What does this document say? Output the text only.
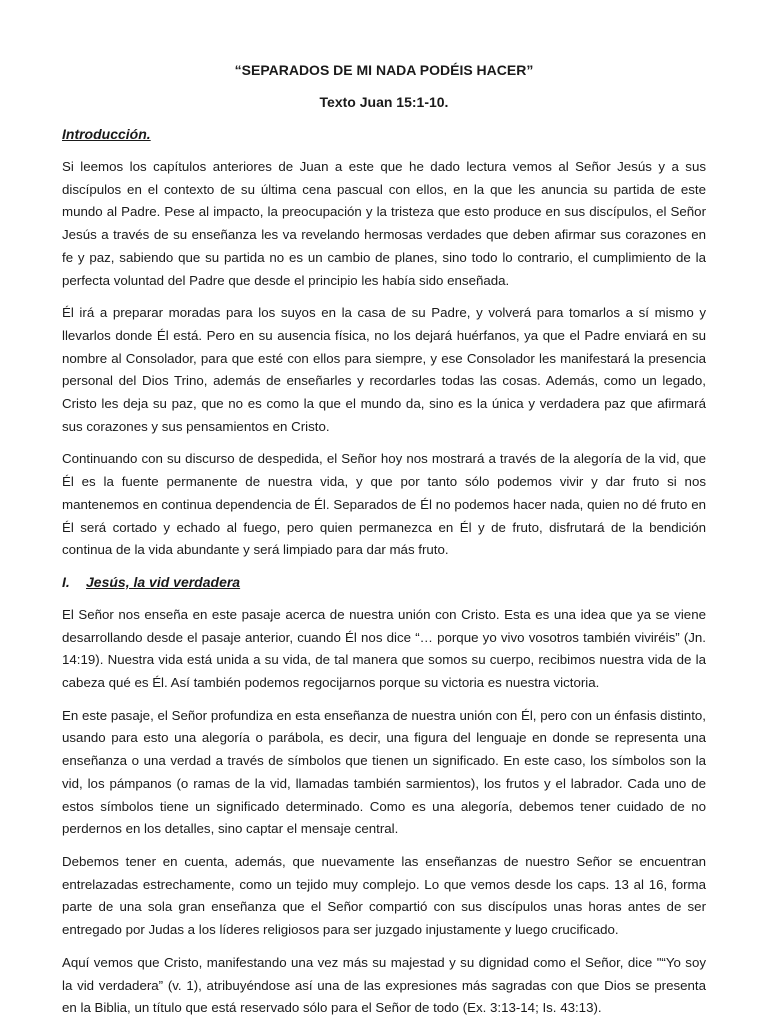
“SEPARADOS DE MI NADA PODÉIS HACER”
Texto Juan 15:1-10.
Introducción.

Si leemos los capítulos anteriores de Juan a este que he dado lectura vemos al Señor Jesús y a sus discípulos en el contexto de su última cena pascual con ellos, en la que les anuncia su partida de este mundo al Padre. Pese al impacto, la preocupación y la tristeza que esto produce en sus discípulos, el Señor Jesús a través de su enseñanza les va revelando hermosas verdades que deben afirmar sus corazones en fe y paz, sabiendo que su partida no es un cambio de planes, sino todo lo contrario, el cumplimiento de la perfecta voluntad del Padre que desde el principio les había sido enseñada.

Él irá a preparar moradas para los suyos en la casa de su Padre, y volverá para tomarlos a sí mismo y llevarlos donde Él está. Pero en su ausencia física, no los dejará huérfanos, ya que el Padre enviará en su nombre al Consolador, para que esté con ellos para siempre, y ese Consolador les manifestará la presencia personal del Dios Trino, además de enseñarles y recordarles todas las cosas. Además, como un legado, Cristo les deja su paz, que no es como la que el mundo da, sino es la única y verdadera paz que afirmará sus corazones y sus pensamientos en Cristo.

Continuando con su discurso de despedida, el Señor hoy nos mostrará a través de la alegoría de la vid, que Él es la fuente permanente de nuestra vida, y que por tanto sólo podemos vivir y dar fruto si nos mantenemos en continua dependencia de Él. Separados de Él no podemos hacer nada, quien no dé fruto en Él será cortado y echado al fuego, pero quien permanezca en Él y de fruto, disfrutará de la bendición continua de la vida abundante y será limpiado para dar más fruto.

I. Jesús, la vid verdadera

El Señor nos enseña en este pasaje acerca de nuestra unión con Cristo. Esta es una idea que ya se viene desarrollando desde el pasaje anterior, cuando Él nos dice “… porque yo vivo vosotros también viviréis” (Jn. 14:19). Nuestra vida está unida a su vida, de tal manera que somos su cuerpo, recibimos nuestra vida de la cabeza qué es Él. Así también podemos regocijarnos porque su victoria es nuestra victoria.

En este pasaje, el Señor profundiza en esta enseñanza de nuestra unión con Él, pero con un énfasis distinto, usando para esto una alegoría o parábola, es decir, una figura del lenguaje en donde se representa una enseñanza o una verdad a través de símbolos que tienen un significado. En este caso, los símbolos son la vid, los pámpanos (o ramas de la vid, llamadas también sarmientos), los frutos y el labrador. Cada uno de estos símbolos tiene un significado determinado. Como es una alegoría, debemos tener cuidado de no perdernos en los detalles, sino captar el mensaje central.

Debemos tener en cuenta, además, que nuevamente las enseñanzas de nuestro Señor se encuentran entrelazadas estrechamente, como un tejido muy complejo. Lo que vemos desde los caps. 13 al 16, forma parte de una sola gran enseñanza que el Señor compartió con sus discípulos unas horas antes de ser entregado por Judas a los líderes religiosos para ser juzgado injustamente y luego crucificado.

Aquí vemos que Cristo, manifestando una vez más su majestad y su dignidad como el Señor, dice "“Yo soy la vid verdadera” (v. 1), atribuyéndose así una de las expresiones más sagradas con que Dios se presenta en la Biblia, un título que está reservado sólo para el Señor de todo (Ex. 3:13-14; Is. 43:13).
